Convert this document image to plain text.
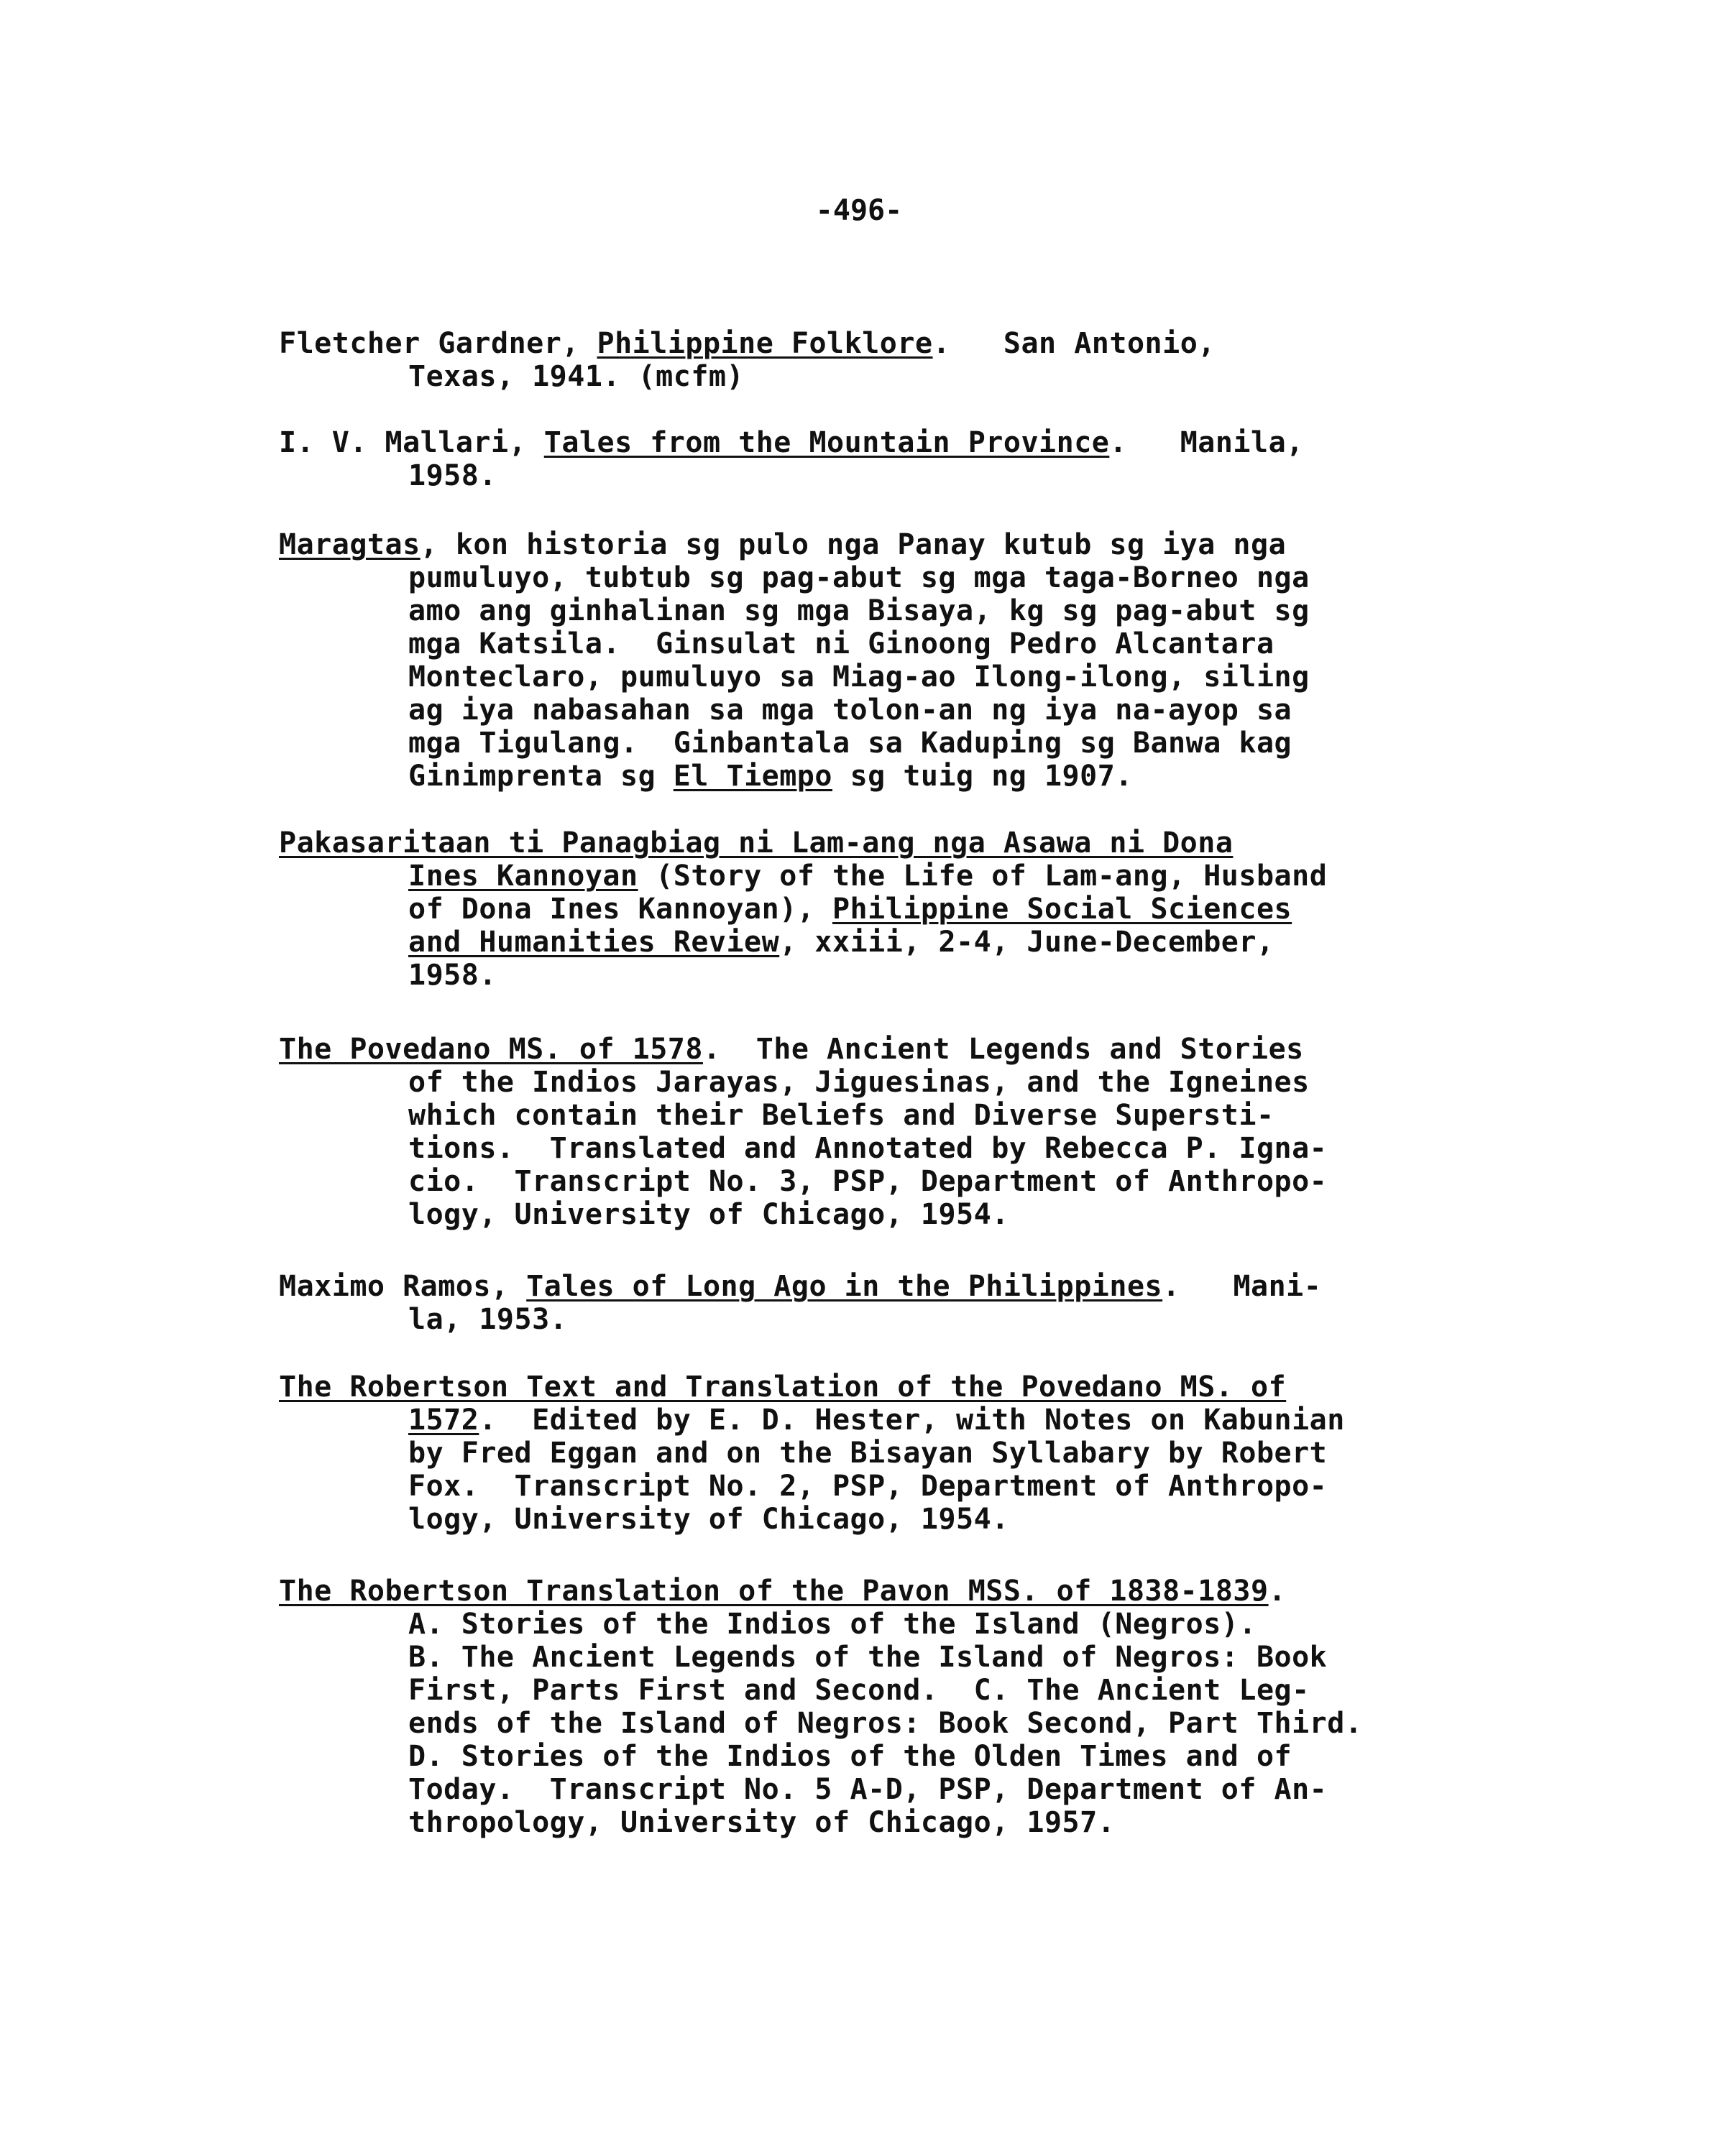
-496-
Fletcher Gardner, Philippine Folklore.   San Antonio,
Texas, 1941. (mcfm)
I. V. Mallari, Tales from the Mountain Province.   Manila,
1958.
Maragtas, kon historia sg pulo nga Panay kutub sg iya nga
pumuluyo, tubtub sg pag-abut sg mga taga-Borneo nga
amo ang ginhalinan sg mga Bisaya, kg sg pag-abut sg
mga Katsila.  Ginsulat ni Ginoong Pedro Alcantara
Monteclaro, pumuluyo sa Miag-ao Ilong-ilong, siling
ag iya nabasahan sa mga tolon-an ng iya na-ayop sa
mga Tigulang.  Ginbantala sa Kaduping sg Banwa kag
Ginimprenta sg El Tiempo sg tuig ng 1907.
Pakasaritaan ti Panagbiag ni Lam-ang nga Asawa ni Dona
Ines Kannoyan (Story of the Life of Lam-ang, Husband
of Dona Ines Kannoyan), Philippine Social Sciences
and Humanities Review, xxiii, 2-4, June-December,
1958.
The Povedano MS. of 1578.  The Ancient Legends and Stories
of the Indios Jarayas, Jiguesinas, and the Igneines
which contain their Beliefs and Diverse Supersti-
tions.  Translated and Annotated by Rebecca P. Igna-
cio.  Transcript No. 3, PSP, Department of Anthropo-
logy, University of Chicago, 1954.
Maximo Ramos, Tales of Long Ago in the Philippines.   Mani-
la, 1953.
The Robertson Text and Translation of the Povedano MS. of
1572.  Edited by E. D. Hester, with Notes on Kabunian
by Fred Eggan and on the Bisayan Syllabary by Robert
Fox.  Transcript No. 2, PSP, Department of Anthropo-
logy, University of Chicago, 1954.
The Robertson Translation of the Pavon MSS. of 1838-1839.
A. Stories of the Indios of the Island (Negros).
B. The Ancient Legends of the Island of Negros: Book
First, Parts First and Second.  C. The Ancient Leg-
ends of the Island of Negros: Book Second, Part Third.
D. Stories of the Indios of the Olden Times and of
Today.  Transcript No. 5 A-D, PSP, Department of An-
thropology, University of Chicago, 1957.
